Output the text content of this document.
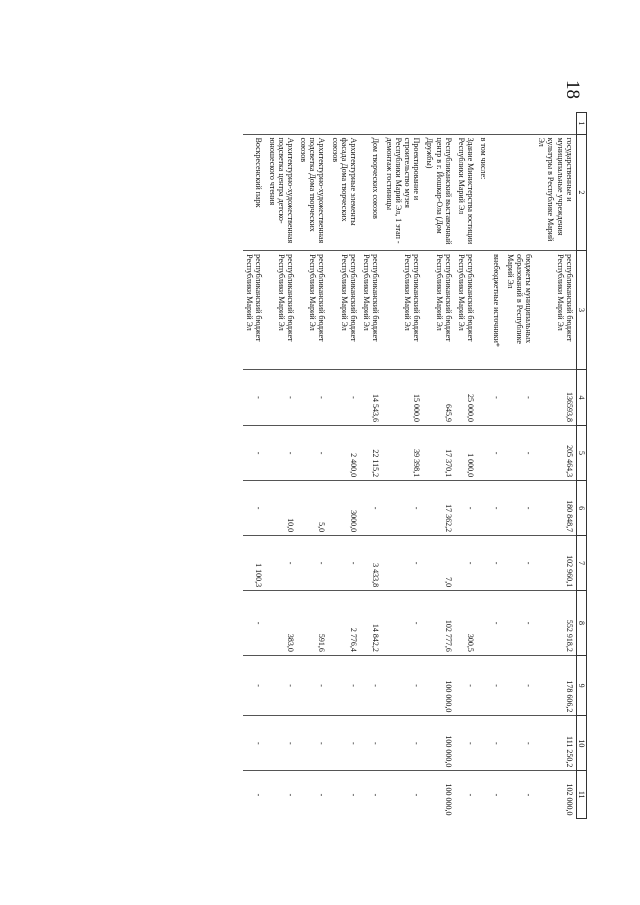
18
1	2	3	4	5	6	7	8	9	10	11
	государственные и муниципальные учреждения культуры в Республике Марий Эл	республиканский бюджет Республики Марий Эл	136593,8	205 464,3	180 848,7	102 960,1	552 918,2	178 606,2	111 250,2	102 000,0
		бюджеты муниципальных образований в Республике Марий Эл	-	-	-	-	-	-	-	-
		внебюджетные источники*	-	-	-	-	-	-	-	-
	в том числе:									
	Здание Министерства юстиции Республики Марий Эл	республиканский бюджет Республики Марий Эл	25 000,0	1 000,0	-	-	300,5	-	-	-
	Республиканский выставочный центр в г. Йошкар-Ола (Дом Дружбы)	республиканский бюджет Республики Марий Эл	645,9	17 370,1	17 362,2	7,0	102 777,6	100 000,0	100 000,0	100 000,0
	Проектирование и строительство музея Республики Марий Эл, 1 этап - демонтаж гостиницы	республиканский бюджет Республики Марий Эл	15 000,0	39 398,1	-	-	-	-	-	-
	Дом творческих союзов	республиканский бюджет Республики Марий Эл	14 543,6	22 115,2	-	3 433,8	14 842,2	-	-	-
	Архитектурные элементы фасада Дома творческих союзов	республиканский бюджет Республики Марий Эл	-	2 400,0	3000,0	-	2 776,4	-	-	-
	Архитектурно-художественная подсветка Дома творческих союзов	республиканский бюджет Республики Марий Эл	-	-	5,0	-	591,6	-	-	-
	Архитектурно-художественная подсветка центра детско-юношеского чтения	республиканский бюджет Республики Марий Эл	-	-	10,0	-	383,0	-	-	-
	Воскресенский парк	республиканский бюджет Республики Марий Эл	-	-	-	1 100,3	-	-	-	-
